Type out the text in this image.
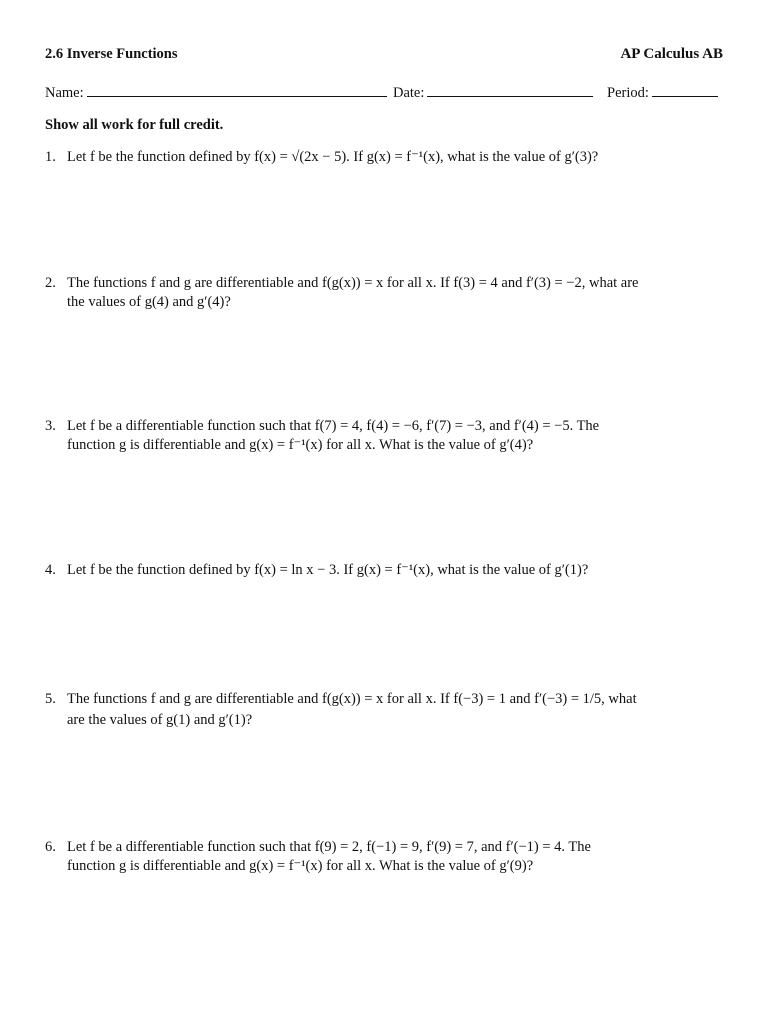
2.6 Inverse Functions	AP Calculus AB
Name:	Date:	Period:
Show all work for full credit.
1. Let f be the function defined by f(x) = √(2x − 5). If g(x) = f⁻¹(x), what is the value of g′(3)?
2. The functions f and g are differentiable and f(g(x)) = x for all x. If f(3) = 4 and f′(3) = −2, what are
the values of g(4) and g′(4)?
3. Let f be a differentiable function such that f(7) = 4, f(4) = −6, f′(7) = −3, and f′(4) = −5. The
function g is differentiable and g(x) = f⁻¹(x) for all x. What is the value of g′(4)?
4. Let f be the function defined by f(x) = ln x − 3. If g(x) = f⁻¹(x), what is the value of g′(1)?
5. The functions f and g are differentiable and f(g(x)) = x for all x. If f(−3) = 1 and f′(−3) = 1/5, what
are the values of g(1) and g′(1)?
6. Let f be a differentiable function such that f(9) = 2, f(−1) = 9, f′(9) = 7, and f′(−1) = 4. The
function g is differentiable and g(x) = f⁻¹(x) for all x. What is the value of g′(9)?
